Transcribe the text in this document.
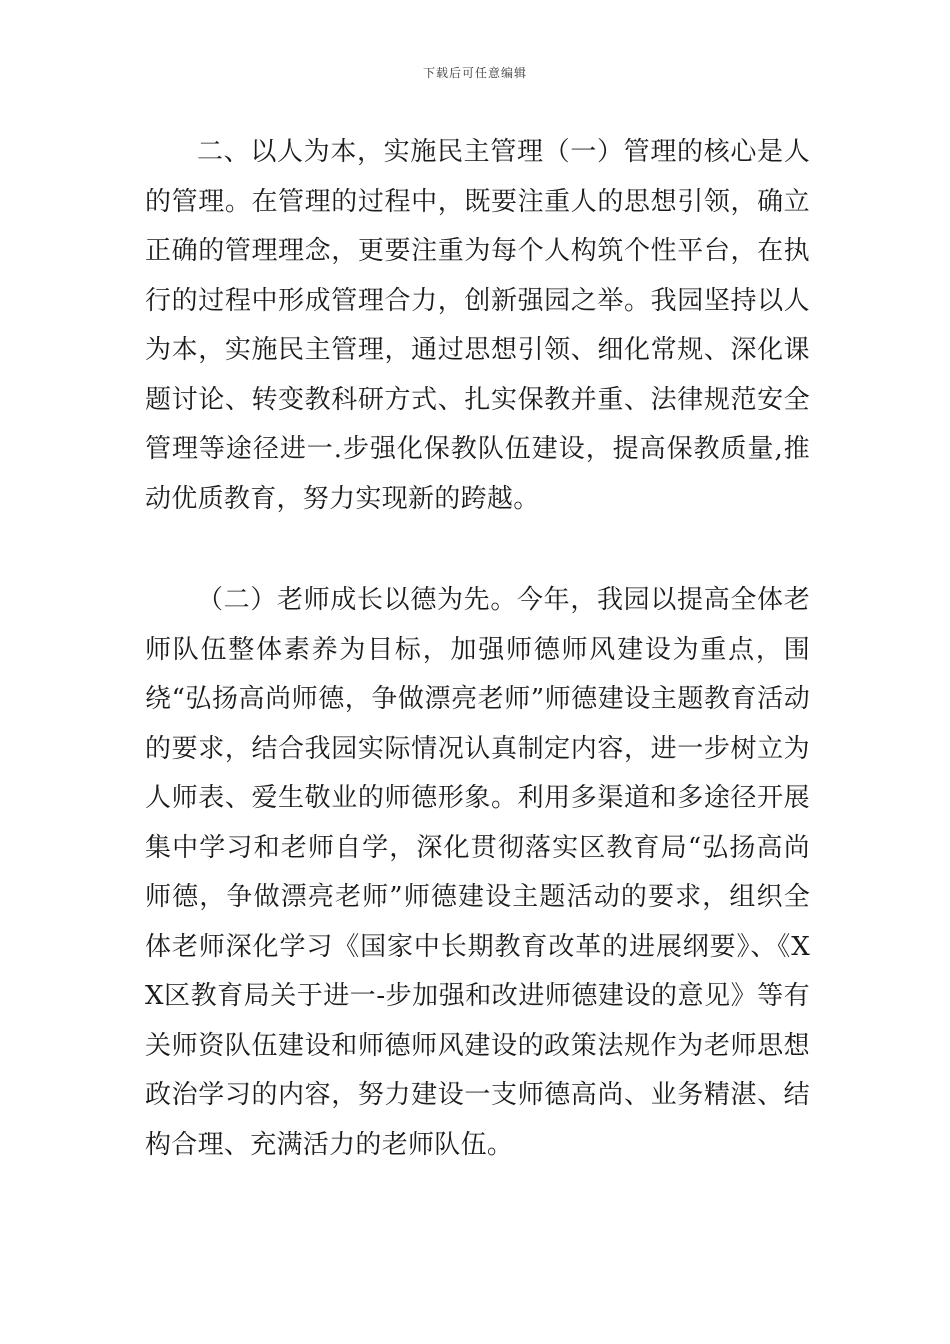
下载后可任意编辑

二、以人为本，实施民主管理（一）管理的核心是人的管理。在管理的过程中，既要注重人的思想引领，确立正确的管理理念，更要注重为每个人构筑个性平台，在执行的过程中形成管理合力，创新强园之举。我园坚持以人为本，实施民主管理，通过思想引领、细化常规、深化课题讨论、转变教科研方式、扎实保教并重、法律规范安全管理等途径进一.步强化保教队伍建设，提高保教质量,推动优质教育，努力实现新的跨越。

（二）老师成长以德为先。今年，我园以提高全体老师队伍整体素养为目标，加强师德师风建设为重点，围绕“弘扬高尚师德，争做漂亮老师”师德建设主题教育活动的要求，结合我园实际情况认真制定内容，进一步树立为人师表、爱生敬业的师德形象。利用多渠道和多途径开展集中学习和老师自学，深化贯彻落实区教育局“弘扬高尚师德，争做漂亮老师”师德建设主题活动的要求，组织全体老师深化学习《国家中长期教育改革的进展纲要》、《XX区教育局关于进一-步加强和改进师德建设的意见》等有关师资队伍建设和师德师风建设的政策法规作为老师思想政治学习的内容，努力建设一支师德高尚、业务精湛、结构合理、充满活力的老师队伍。
